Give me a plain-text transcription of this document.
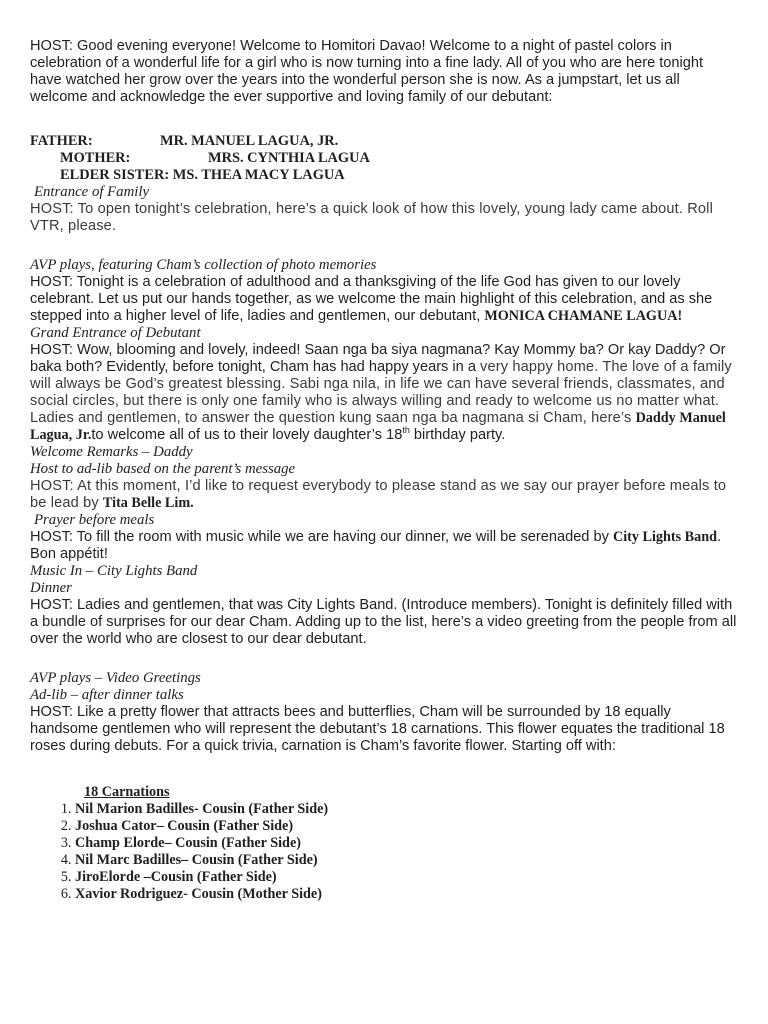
HOST: Good evening everyone! Welcome to Homitori Davao! Welcome to a night of pastel colors in celebration of a wonderful life for a girl who is now turning into a fine lady. All of you who are here tonight have watched her grow over the years into the wonderful person she is now. As a jumpstart, let us all welcome and acknowledge the ever supportive and loving family of our debutant:

FATHER:	MR. MANUEL LAGUA, JR.
MOTHER:	MRS. CYNTHIA LAGUA
ELDER SISTER: MS. THEA MACY LAGUA

Entrance of Family

HOST: To open tonight’s celebration, here’s a quick look of how this lovely, young lady came about. Roll VTR, please.

AVP plays, featuring Cham’s collection of photo memories

HOST: Tonight is a celebration of adulthood and a thanksgiving of the life God has given to our lovely celebrant. Let us put our hands together, as we welcome the main highlight of this celebration, and as she stepped into a higher level of life, ladies and gentlemen, our debutant, MONICA CHAMANE LAGUA!

Grand Entrance of Debutant

HOST: Wow, blooming and lovely, indeed! Saan nga ba siya nagmana? Kay Mommy ba? Or kay Daddy? Or baka both? Evidently, before tonight, Cham has had happy years in a very happy home. The love of a family will always be God’s greatest blessing. Sabi nga nila, in life we can have several friends, classmates, and social circles, but there is only one family who is always willing and ready to welcome us no matter what. Ladies and gentlemen, to answer the question kung saan nga ba nagmana si Cham, here’s Daddy Manuel Lagua, Jr.to welcome all of us to their lovely daughter’s 18th birthday party.

Welcome Remarks – Daddy

Host to ad-lib based on the parent’s message

HOST: At this moment, I’d like to request everybody to please stand as we say our prayer before meals to be lead by Tita Belle Lim.

Prayer before meals

HOST: To fill the room with music while we are having our dinner, we will be serenaded by City Lights Band. Bon appétit!

Music In – City Lights Band

Dinner

HOST: Ladies and gentlemen, that was City Lights Band. (Introduce members). Tonight is definitely filled with a bundle of surprises for our dear Cham. Adding up to the list, here’s a video greeting from the people from all over the world who are closest to our dear debutant.

AVP plays – Video Greetings

Ad-lib – after dinner talks

HOST: Like a pretty flower that attracts bees and butterflies, Cham will be surrounded by 18 equally handsome gentlemen who will represent the debutant’s 18 carnations. This flower equates the traditional 18 roses during debuts. For a quick trivia, carnation is Cham’s favorite flower. Starting off with:

18 Carnations
1. Nil Marion Badilles- Cousin (Father Side)
2. Joshua Cator– Cousin (Father Side)
3. Champ Elorde– Cousin (Father Side)
4. Nil Marc Badilles– Cousin (Father Side)
5. JiroElorde –Cousin (Father Side)
6. Xavior Rodriguez- Cousin (Mother Side)
